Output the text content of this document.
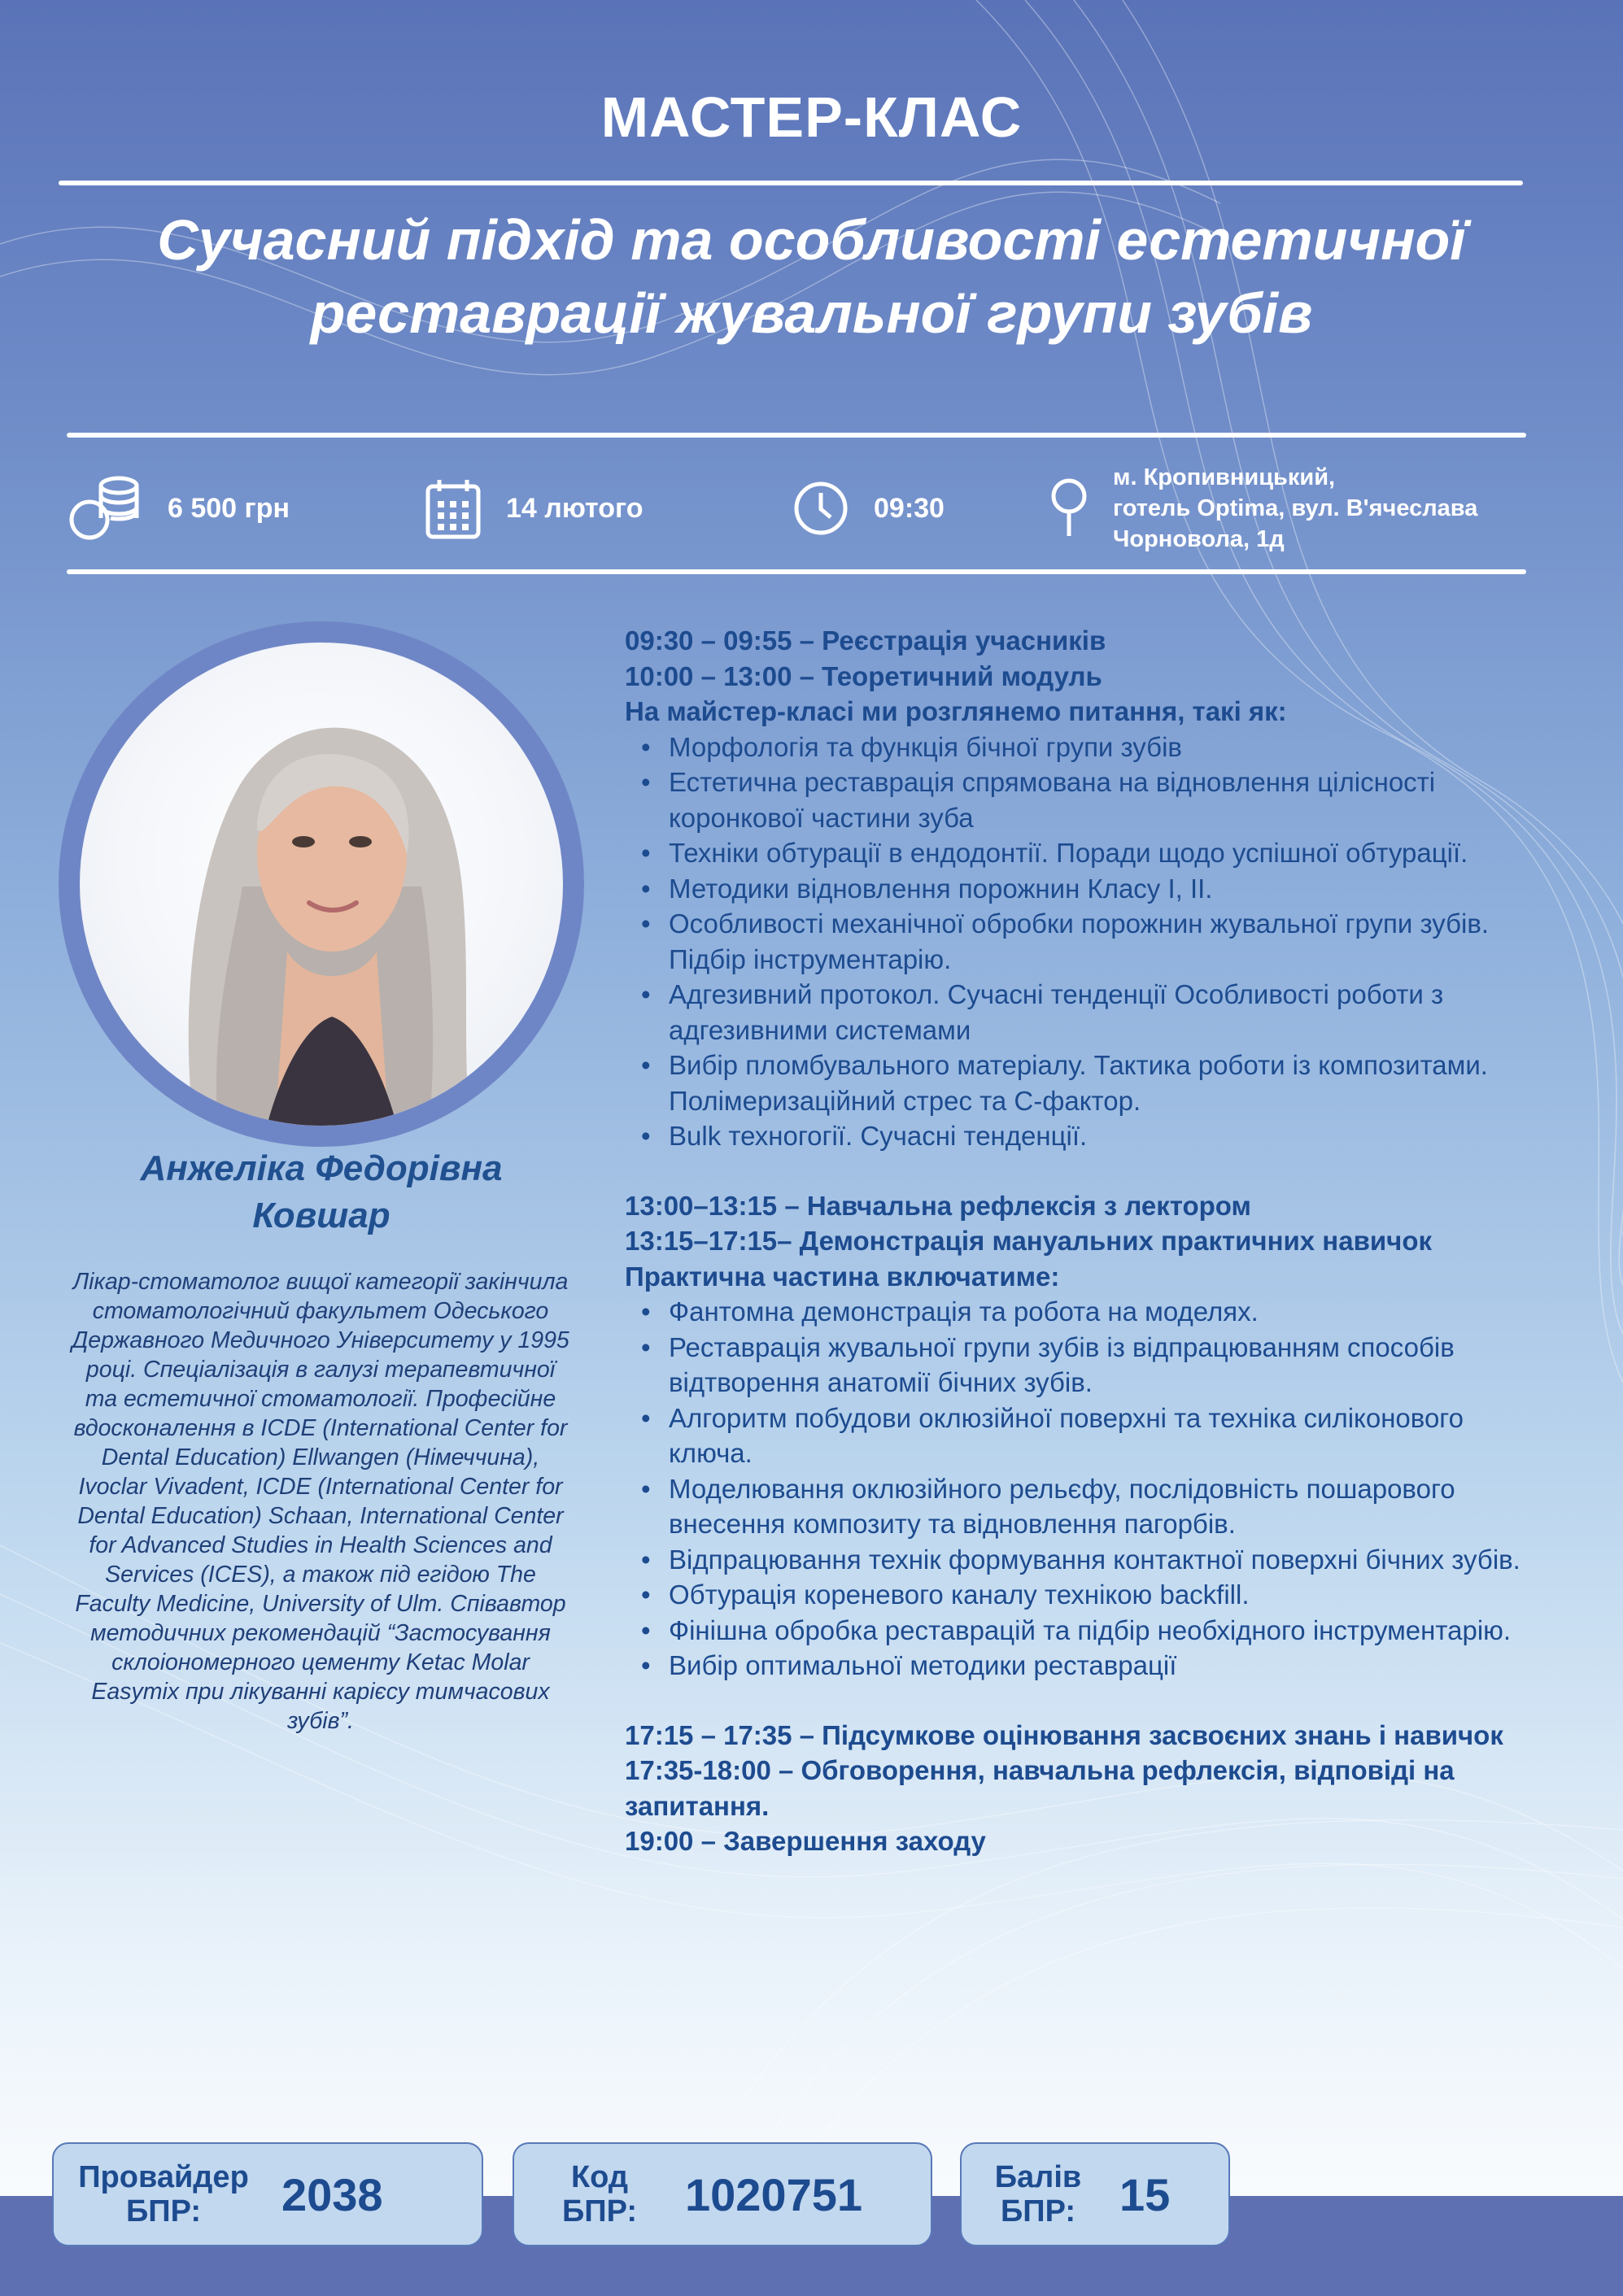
МАСТЕР-КЛАС
Сучасний підхід та особливості естетичної реставрації жувальної групи зубів
6 500 грн	14 лютого	09:30
м. Кропивницький,
готель Optima, вул. В'ячеслава
Чорновола, 1д
Анжеліка Федорівна
Ковшар
Лікар-стоматолог вищої категорії закінчила стоматологічний факультет Одеського Державного Медичного Університету у 1995 році. Спеціалізація в галузі терапевтичної та естетичної стоматології. Професійне вдосконалення в ICDE (International Center for Dental Education) Ellwangen (Німеччина), Ivoclar Vivadent, ICDE (International Center for Dental Education) Schaan, International Center for Advanced Studies in Health Sciences and Services (ICES), а також під егідою The Faculty Medicine, University of Ulm. Співавтор методичних рекомендацій “Застосування склоіономерного цементу Ketac Molar Easymix при лікуванні карієсу тимчасових зубів”.
09:30 – 09:55 – Реєстрація учасників
10:00 – 13:00 – Теоретичний модуль
На майстер-класі ми розглянемо питання, такі як:
• Морфологія та функція бічної групи зубів
• Естетична реставрація спрямована на відновлення цілісності коронкової частини зуба
• Техніки обтурації в ендодонтії. Поради щодо успішної обтурації.
• Методики відновлення порожнин Класу І, ІІ.
• Особливості механічної обробки порожнин жувальної групи зубів. Підбір інструментарію.
• Адгезивний протокол. Сучасні тенденції Особливості роботи з адгезивними системами
• Вибір пломбувального матеріалу. Тактика роботи із композитами. Полімеризаційний стрес та С-фактор.
• Bulk техногогії. Сучасні тенденції.
13:00–13:15 – Навчальна рефлексія з лектором
13:15–17:15– Демонстрація мануальних практичних навичок
Практична частина включатиме:
• Фантомна демонстрація та робота на моделях.
• Реставрація жувальної групи зубів із відпрацюванням способів відтворення анатомії бічних зубів.
• Алгоритм побудови оклюзійної поверхні та техніка силіконового ключа.
• Моделювання оклюзійного рельєфу, послідовність пошарового внесення композиту та відновлення пагорбів.
• Відпрацювання технік формування контактної поверхні бічних зубів.
• Обтурація кореневого каналу технікою backfill.
• Фінішна обробка реставрацій та підбір необхідного інструментарію.
• Вибір оптимальної методики реставрації
17:15 – 17:35 – Підсумкове оцінювання засвоєних знань і навичок
17:35-18:00 – Обговорення, навчальна рефлексія, відповіді на запитання.
19:00 – Завершення заходу
Провайдер
БПР:	2038	Код
БПР: 1020751	Балів
БПР: 15
